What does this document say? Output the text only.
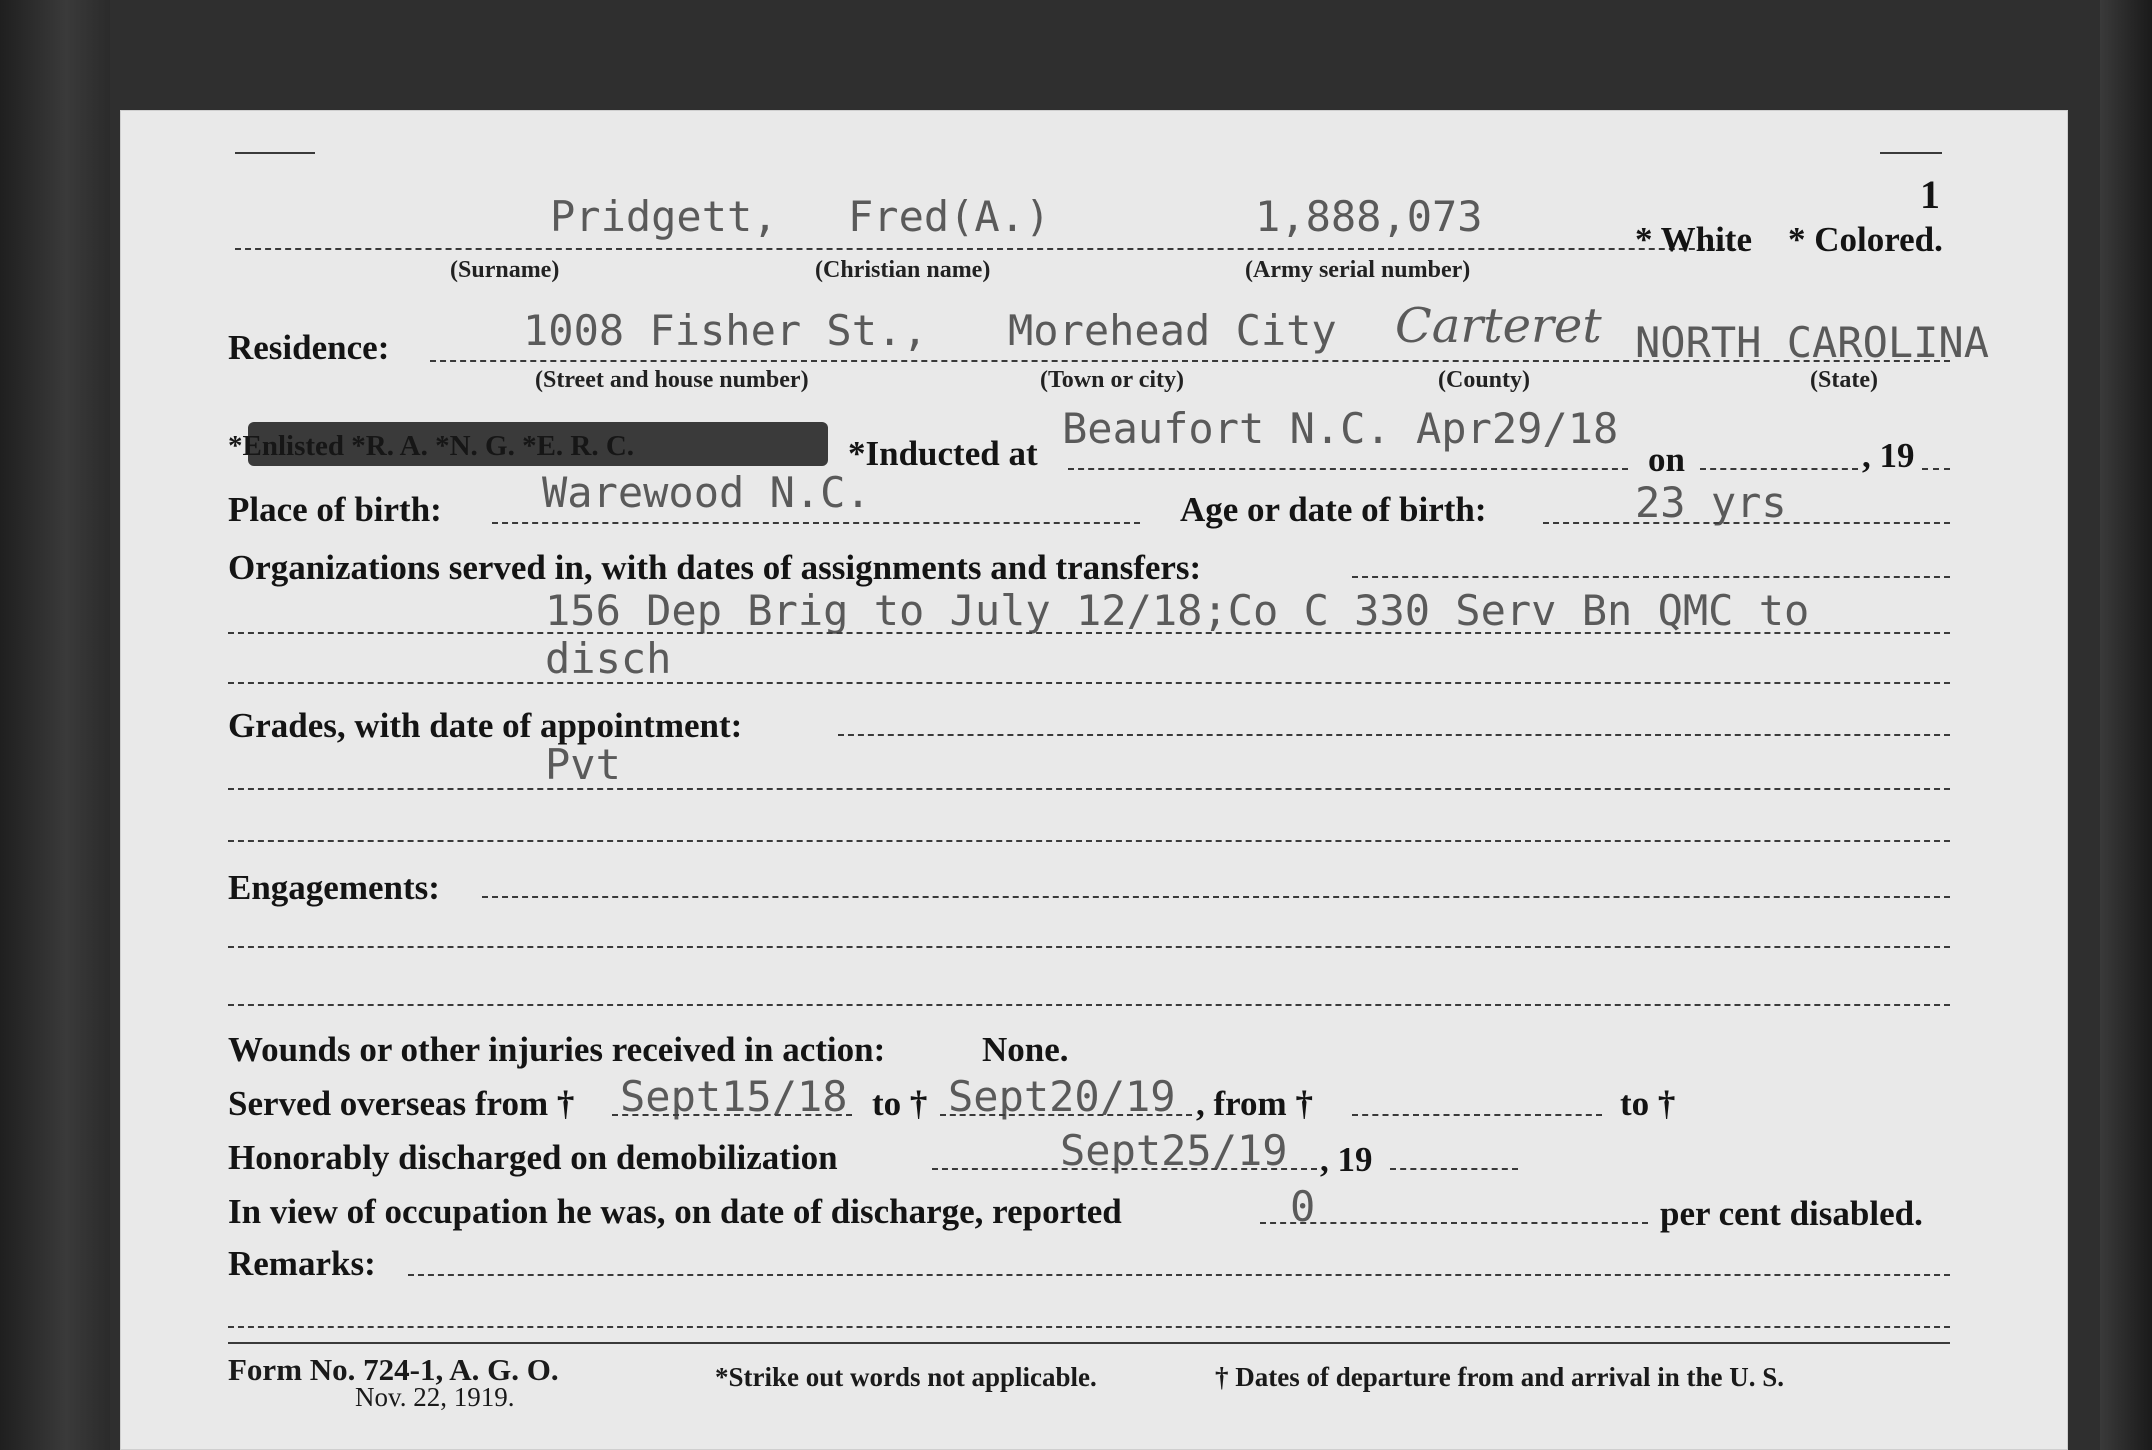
1
Pridgett, Fred(A.)	1,888,073	* White * Colored.
(Surname)	(Christian name)	(Army serial number)
Residence:	1008 Fisher St., Morehead City Carteret NORTH CAROLINA
(Street and house number)	(Town or city)	(County)	(State)
*Enlisted *R. A. *N. G. *E. R. C.	*Inducted at
Beaufort N.C. Apr29/18
on	, 19
Place of birth: Warewood N.C.	Age or date of birth:	23 yrs
Organizations served in, with dates of assignments and transfers:
156 Dep Brig to July 12/18;Co C 330 Serv Bn QMC to
disch
Grades, with date of appointment:
Pvt
Engagements:
Wounds or other injuries received in action:	None.
Served overseas from † Sept15/18 to † Sept20/19 , from †	to †
Honorably discharged on demobilization	Sept25/19 , 19
In view of occupation he was, on date of discharge, reported	0	per cent disabled.
Remarks:
Form No. 724-1, A. G. O.
Nov. 22, 1919.
*Strike out words not applicable.	† Dates of departure from and arrival in the U. S.
